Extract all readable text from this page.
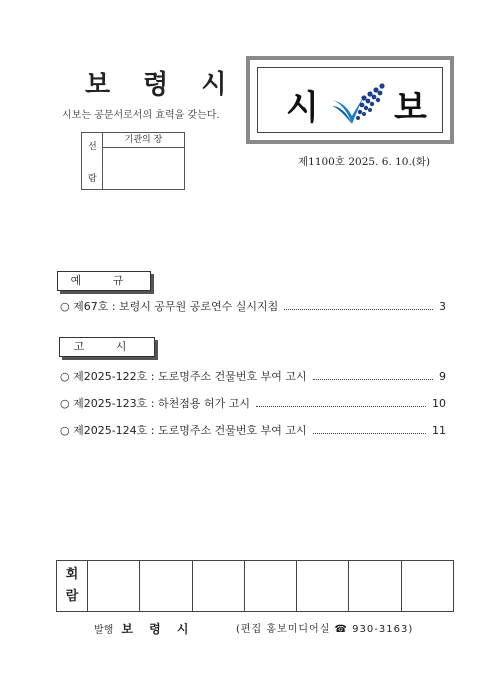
보 령 시
시보는 공문서로서의 효력을 갖는다.
선
람
기관의 장
시 보
제1100호 2025. 6. 10.(화)
예 규
○ 제67호 : 보령시 공무원 공로연수 실시지침	3
고 시
○ 제2025-122호 : 도로명주소 건물번호 부여 고시	9
○ 제2025-123호 : 하천점용 허가 고시	10
○ 제2025-124호 : 도로명주소 건물번호 부여 고시	11
회
람
발행 보 령 시	(편집 홍보미디어실 ☎ 930-3163)
